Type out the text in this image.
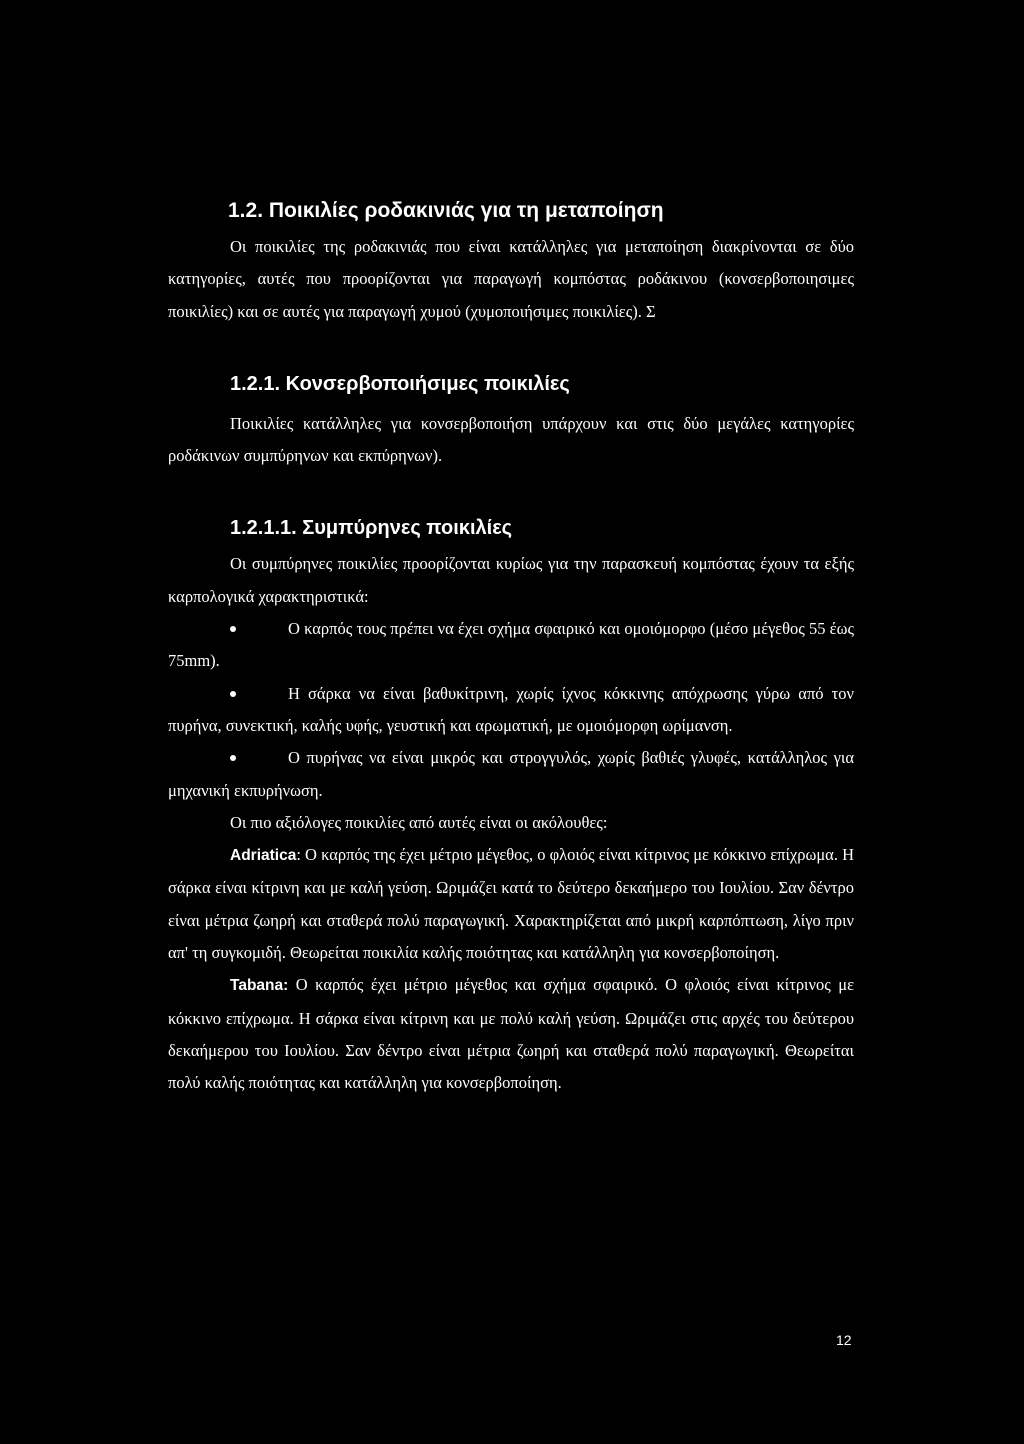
1.2. Ποικιλίες ροδακινιάς για τη μεταποίηση

Οι ποικιλίες της ροδακινιάς που είναι κατάλληλες για μεταποίηση διακρίνονται σε δύο κατηγορίες, αυτές που προορίζονται για παραγωγή κομπόστας ροδάκινου (κονσερβοποιησιμες ποικιλίες) και σε αυτές για παραγωγή χυμού (χυμοποιήσιμες ποικιλίες). Σ

1.2.1. Κονσερβοποιήσιμες ποικιλίες

Ποικιλίες κατάλληλες για κονσερβοποιήση υπάρχουν και στις δύο μεγάλες κατηγορίες ροδάκινων συμπύρηνων και εκπύρηνων).

1.2.1.1. Συμπύρηνες ποικιλίες

Οι συμπύρηνες ποικιλίες προορίζονται κυρίως για την παρασκευή κομπόστας έχουν τα εξής καρπολογικά χαρακτηριστικά:

Ο καρπός τους πρέπει να έχει σχήμα σφαιρικό και ομοιόμορφο (μέσο μέγεθος 55 έως 75mm).

Η σάρκα να είναι βαθυκίτρινη, χωρίς ίχνος κόκκινης απόχρωσης γύρω από τον πυρήνα, συνεκτική, καλής υφής, γευστική και αρωματική, με ομοιόμορφη ωρίμανση.

Ο πυρήνας να είναι μικρός και στρογγυλός, χωρίς βαθιές γλυφές, κατάλληλος για μηχανική εκπυρήνωση.

Οι πιο αξιόλογες ποικιλίες από αυτές είναι οι ακόλουθες:

Adriatica: Ο καρπός της έχει μέτριο μέγεθος, ο φλοιός είναι κίτρινος με κόκκινο επίχρωμα. Η σάρκα είναι κίτρινη και με καλή γεύση. Ωριμάζει κατά το δεύτερο δεκαήμερο του Ιουλίου. Σαν δέντρο είναι μέτρια ζωηρή και σταθερά πολύ παραγωγική. Χαρακτηρίζεται από μικρή καρπόπτωση, λίγο πριν απ' τη συγκομιδή. Θεωρείται ποικιλία καλής ποιότητας και κατάλληλη για κονσερβοποίηση.

Tabana: Ο καρπός έχει μέτριο μέγεθος και σχήμα σφαιρικό. Ο φλοιός είναι κίτρινος με κόκκινο επίχρωμα. Η σάρκα είναι κίτρινη και με πολύ καλή γεύση. Ωριμάζει στις αρχές του δεύτερου δεκαήμερου του Ιουλίου. Σαν δέντρο είναι μέτρια ζωηρή και σταθερά πολύ παραγωγική. Θεωρείται πολύ καλής ποιότητας και κατάλληλη για κονσερβοποίηση.

12
